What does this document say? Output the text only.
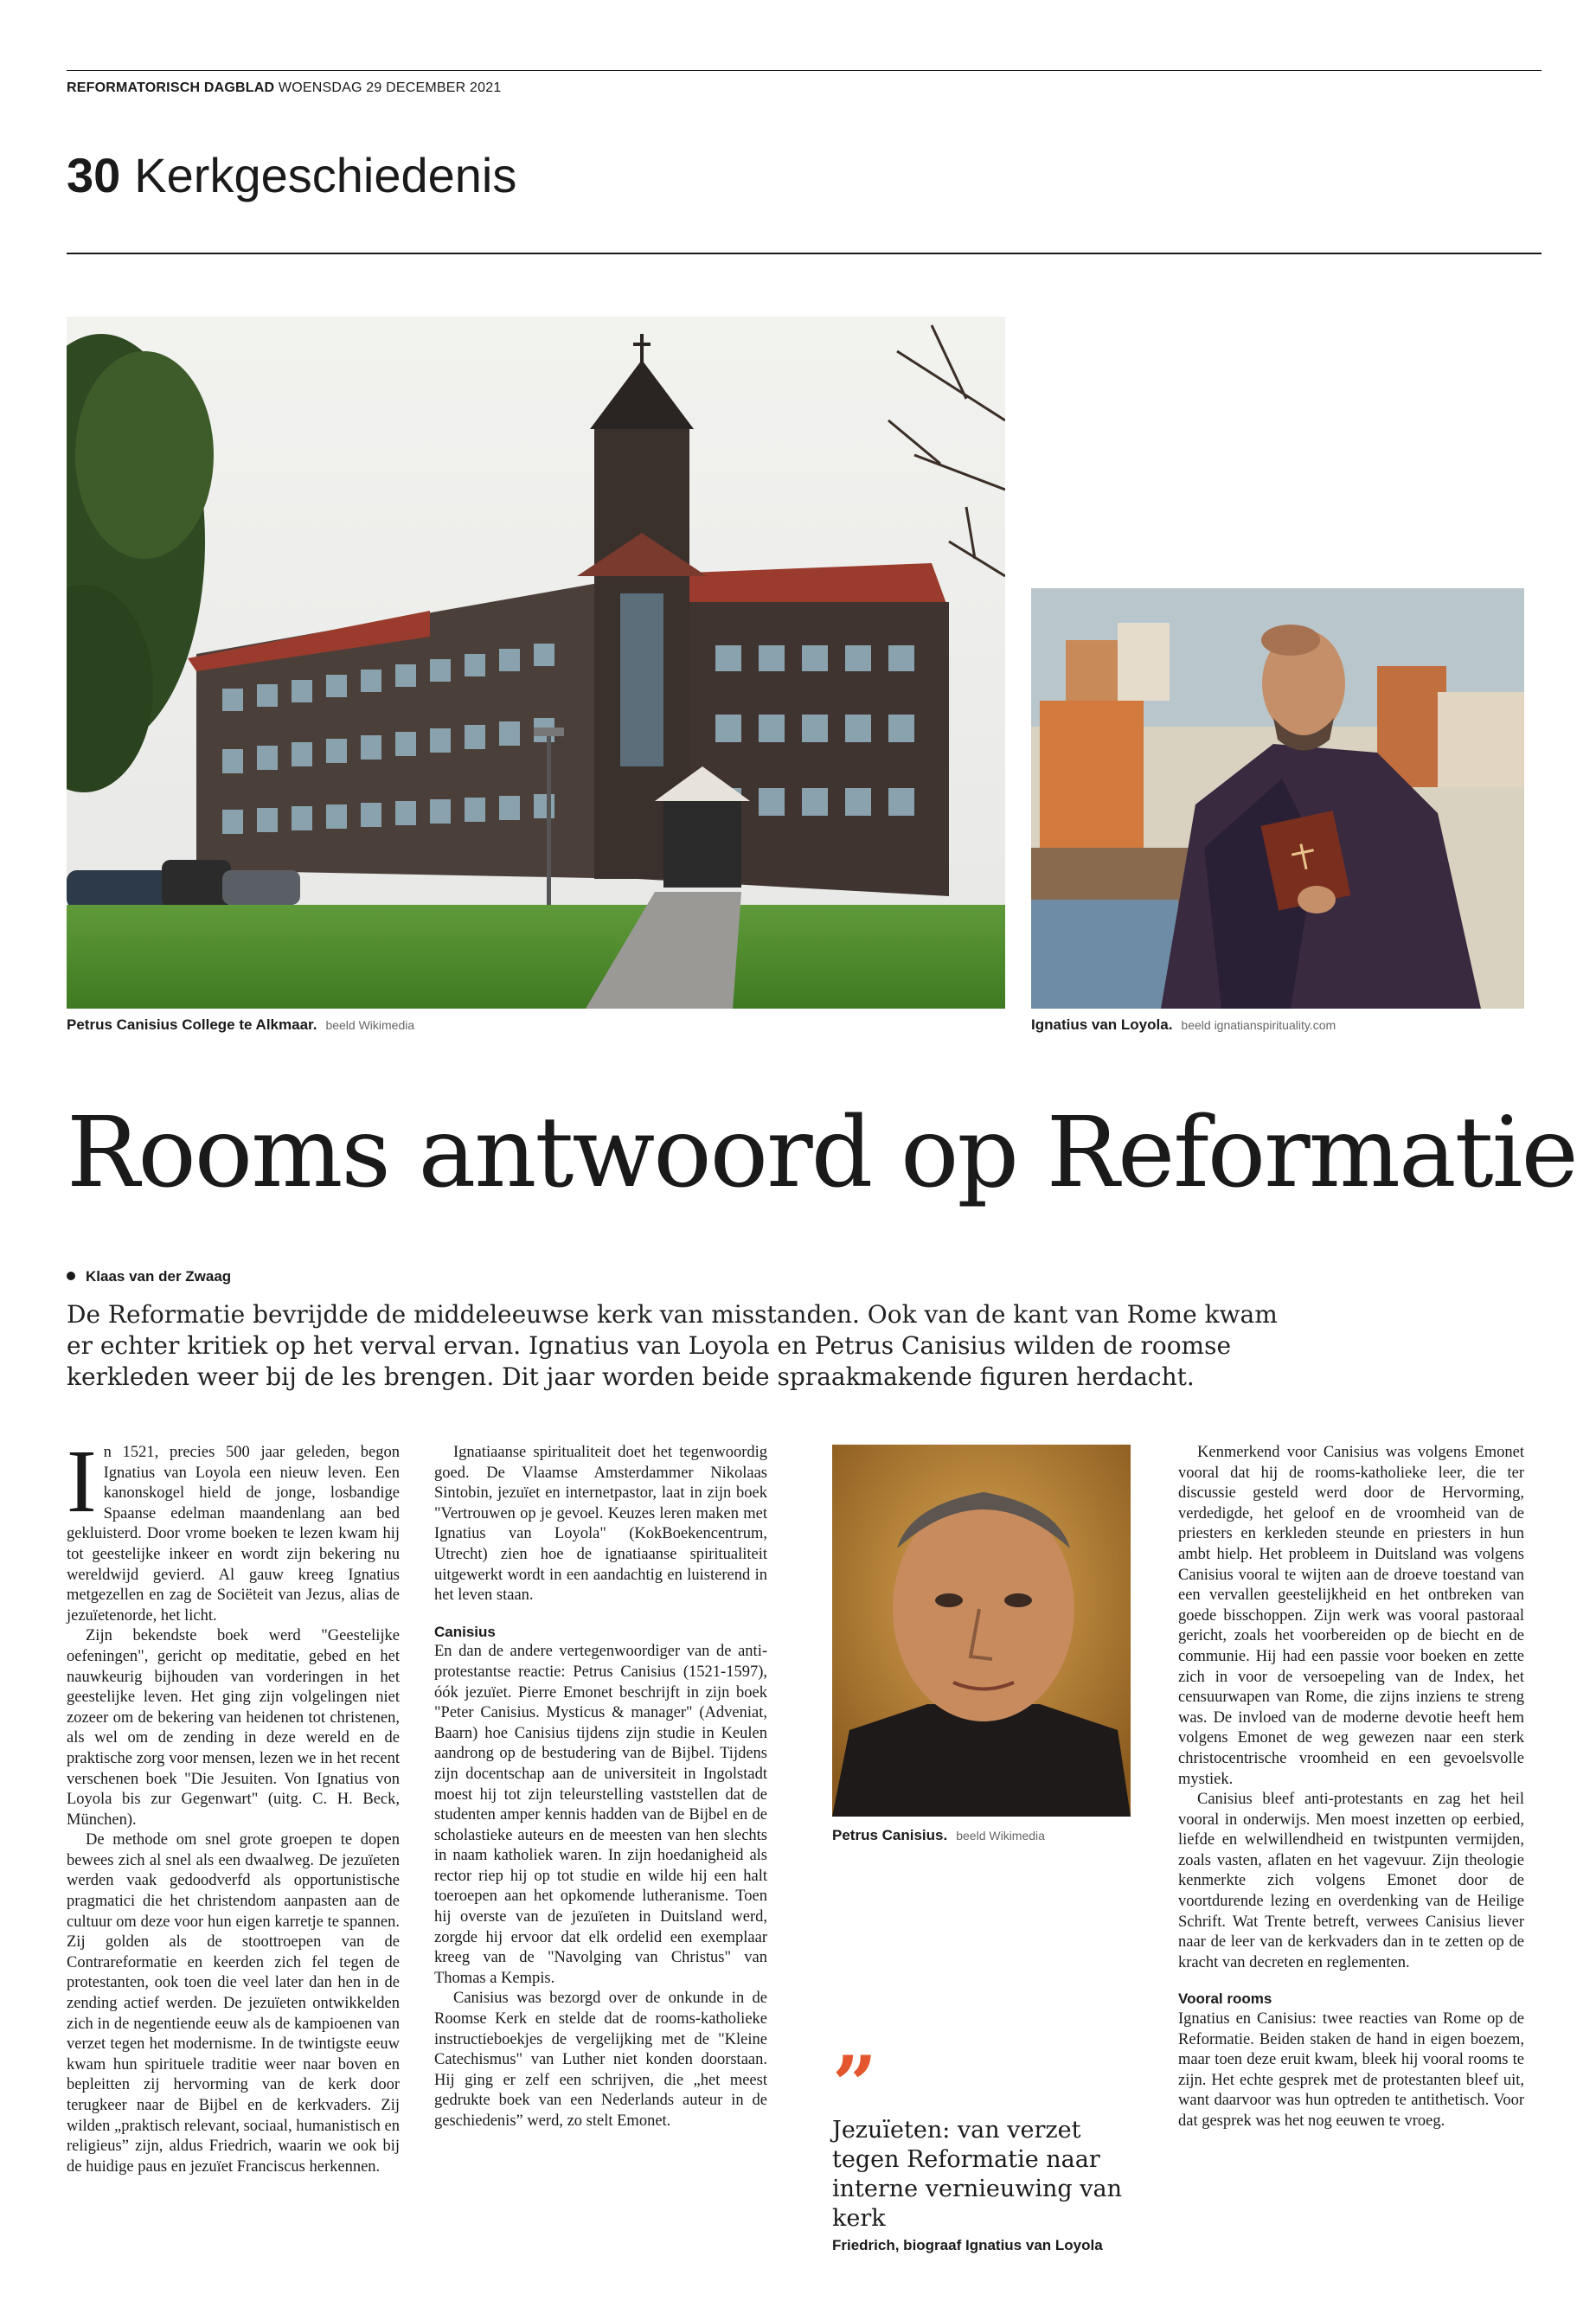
REFORMATORISCH DAGBLAD WOENSDAG 29 DECEMBER 2021
30 Kerkgeschiedenis
Petrus Canisius College te Alkmaar. beeld Wikimedia	Ignatius van Loyola. beeld ignatianspirituality.com
Rooms antwoord op Reformatie
Klaas van der Zwaag
De Reformatie bevrijdde de middeleeuwse kerk van misstanden. Ook van de kant van Rome kwam er echter kritiek op het verval ervan. Ignatius van Loyola en Petrus Canisius wilden de roomse kerkleden weer bij de les brengen. Dit jaar worden beide spraakmakende figuren herdacht.

In 1521, precies 500 jaar geleden, begon Ignatius van Loyola een nieuw leven. Een kanonskogel hield de jonge, losbandige Spaanse edelman maandenlang aan bed gekluisterd. Door vrome boeken te lezen kwam hij tot geestelijke inkeer en wordt zijn bekering nu wereldwijd gevierd. Al gauw kreeg Ignatius metgezellen en zag de Sociëteit van Jezus, alias de jezuïetenorde, het licht.

Zijn bekendste boek werd "Geestelijke oefeningen", gericht op meditatie, gebed en het nauwkeurig bijhouden van vorderingen in het geestelijke leven. Het ging zijn volgelingen niet zozeer om de bekering van heidenen tot christenen, als wel om de zending in deze wereld en de praktische zorg voor mensen, lezen we in het recent verschenen boek "Die Jesuiten. Von Ignatius von Loyola bis zur Gegenwart" (uitg. C. H. Beck, München).

De methode om snel grote groepen te dopen bewees zich al snel als een dwaalweg. De jezuïeten werden vaak gedoodverfd als opportunistische pragmatici die het christendom aanpasten aan de cultuur om deze voor hun eigen karretje te spannen. Zij golden als de stoottroepen van de Contrareformatie en keerden zich fel tegen de protestanten, ook toen die veel later dan hen in de zending actief werden. De jezuïeten ontwikkelden zich in de negentiende eeuw als de kampioenen van verzet tegen het modernisme. In de twintigste eeuw kwam hun spirituele traditie weer naar boven en bepleitten zij hervorming van de kerk door terugkeer naar de Bijbel en de kerkvaders. Zij wilden „praktisch relevant, sociaal, humanistisch en religieus” zijn, aldus Friedrich, waarin we ook bij de huidige paus en jezuïet Franciscus herkennen.

Ignatiaanse spiritualiteit doet het tegenwoordig goed. De Vlaamse Amsterdammer Nikolaas Sintobin, jezuïet en internetpastor, laat in zijn boek "Vertrouwen op je gevoel. Keuzes leren maken met Ignatius van Loyola" (KokBoekencentrum, Utrecht) zien hoe de ignatiaanse spiritualiteit uitgewerkt wordt in een aandachtig en luisterend in het leven staan.

Canisius

En dan de andere vertegenwoordiger van de anti-protestantse reactie: Petrus Canisius (1521-1597), óók jezuïet. Pierre Emonet beschrijft in zijn boek "Peter Canisius. Mysticus & manager" (Adveniat, Baarn) hoe Canisius tijdens zijn studie in Keulen aandrong op de bestudering van de Bijbel. Tijdens zijn docentschap aan de universiteit in Ingolstadt moest hij tot zijn teleurstelling vaststellen dat de studenten amper kennis hadden van de Bijbel en de scholastieke auteurs en de meesten van hen slechts in naam katholiek waren. In zijn hoedanigheid als rector riep hij op tot studie en wilde hij een halt toeroepen aan het opkomende lutheranisme. Toen hij overste van de jezuïeten in Duitsland werd, zorgde hij ervoor dat elk ordelid een exemplaar kreeg van de "Navolging van Christus" van Thomas a Kempis.

Canisius was bezorgd over de onkunde in de Roomse Kerk en stelde dat de rooms-katholieke instructieboekjes de vergelijking met de "Kleine Catechismus" van Luther niet konden doorstaan. Hij ging er zelf een schrijven, die „het meest gedrukte boek van een Nederlands auteur in de geschiedenis” werd, zo stelt Emonet.

Petrus Canisius. beeld Wikimedia
”
Jezuïeten: van verzet tegen Reformatie naar interne vernieuwing van kerk
Friedrich, biograaf Ignatius van Loyola

Kenmerkend voor Canisius was volgens Emonet vooral dat hij de rooms-katholieke leer, die ter discussie gesteld werd door de Hervorming, verdedigde, het geloof en de vroomheid van de priesters en kerkleden steunde en priesters in hun ambt hielp. Het probleem in Duitsland was volgens Canisius vooral te wijten aan de droeve toestand van een vervallen geestelijkheid en het ontbreken van goede bisschoppen. Zijn werk was vooral pastoraal gericht, zoals het voorbereiden op de biecht en de communie. Hij had een passie voor boeken en zette zich in voor de versoepeling van de Index, het censuurwapen van Rome, die zijns inziens te streng was. De invloed van de moderne devotie heeft hem volgens Emonet de weg gewezen naar een sterk christocentrische vroomheid en een gevoelsvolle mystiek.

Canisius bleef anti-protestants en zag het heil vooral in onderwijs. Men moest inzetten op eerbied, liefde en welwillendheid en twistpunten vermijden, zoals vasten, aflaten en het vagevuur. Zijn theologie kenmerkte zich volgens Emonet door de voortdurende lezing en overdenking van de Heilige Schrift. Wat Trente betreft, verwees Canisius liever naar de leer van de kerkvaders dan in te zetten op de kracht van decreten en reglementen.

Vooral rooms

Ignatius en Canisius: twee reacties van Rome op de Reformatie. Beiden staken de hand in eigen boezem, maar toen deze eruit kwam, bleek hij vooral rooms te zijn. Het echte gesprek met de protestanten bleef uit, want daarvoor was hun optreden te antithetisch. Voor dat gesprek was het nog eeuwen te vroeg.
